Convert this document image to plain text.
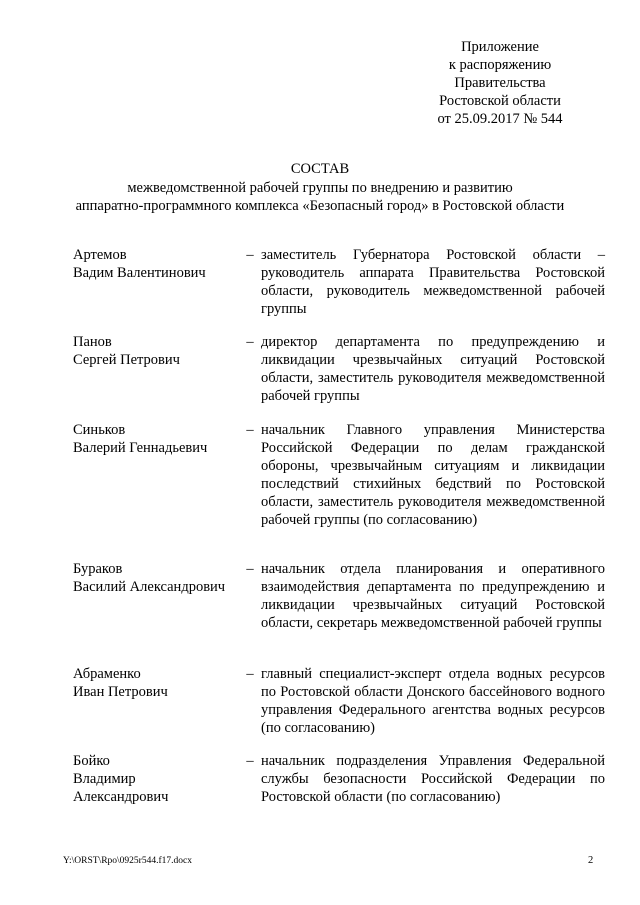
Приложение
к распоряжению
Правительства
Ростовской области
от 25.09.2017 № 544
СОСТАВ
межведомственной рабочей группы по внедрению и развитию
аппаратно-программного комплекса «Безопасный город» в Ростовской области
Артемов
Вадим Валентинович
– заместитель Губернатора Ростовской области – руководитель аппарата Правительства Ростовской области, руководитель межведомственной рабочей группы
Панов
Сергей Петрович
– директор департамента по предупреждению и ликвидации чрезвычайных ситуаций Ростовской области, заместитель руководителя межведомственной рабочей группы
Синьков
Валерий Геннадьевич
– начальник Главного управления Министерства Российской Федерации по делам гражданской обороны, чрезвычайным ситуациям и ликвидации последствий стихийных бедствий по Ростовской области, заместитель руководителя межведомственной рабочей группы (по согласованию)
Бураков
Василий Александрович
– начальник отдела планирования и оперативного взаимодействия департамента по предупреждению и ликвидации чрезвычайных ситуаций Ростовской области, секретарь межведомственной рабочей группы
Абраменко
Иван Петрович
– главный специалист-эксперт отдела водных ресурсов по Ростовской области Донского бассейнового водного управления Федерального агентства водных ресурсов (по согласованию)
Бойко
Владимир
Александрович
– начальник подразделения Управления Федеральной службы безопасности Российской Федерации по Ростовской области (по согласованию)
Y:\ORST\Rpo\0925r544.f17.docx	2
